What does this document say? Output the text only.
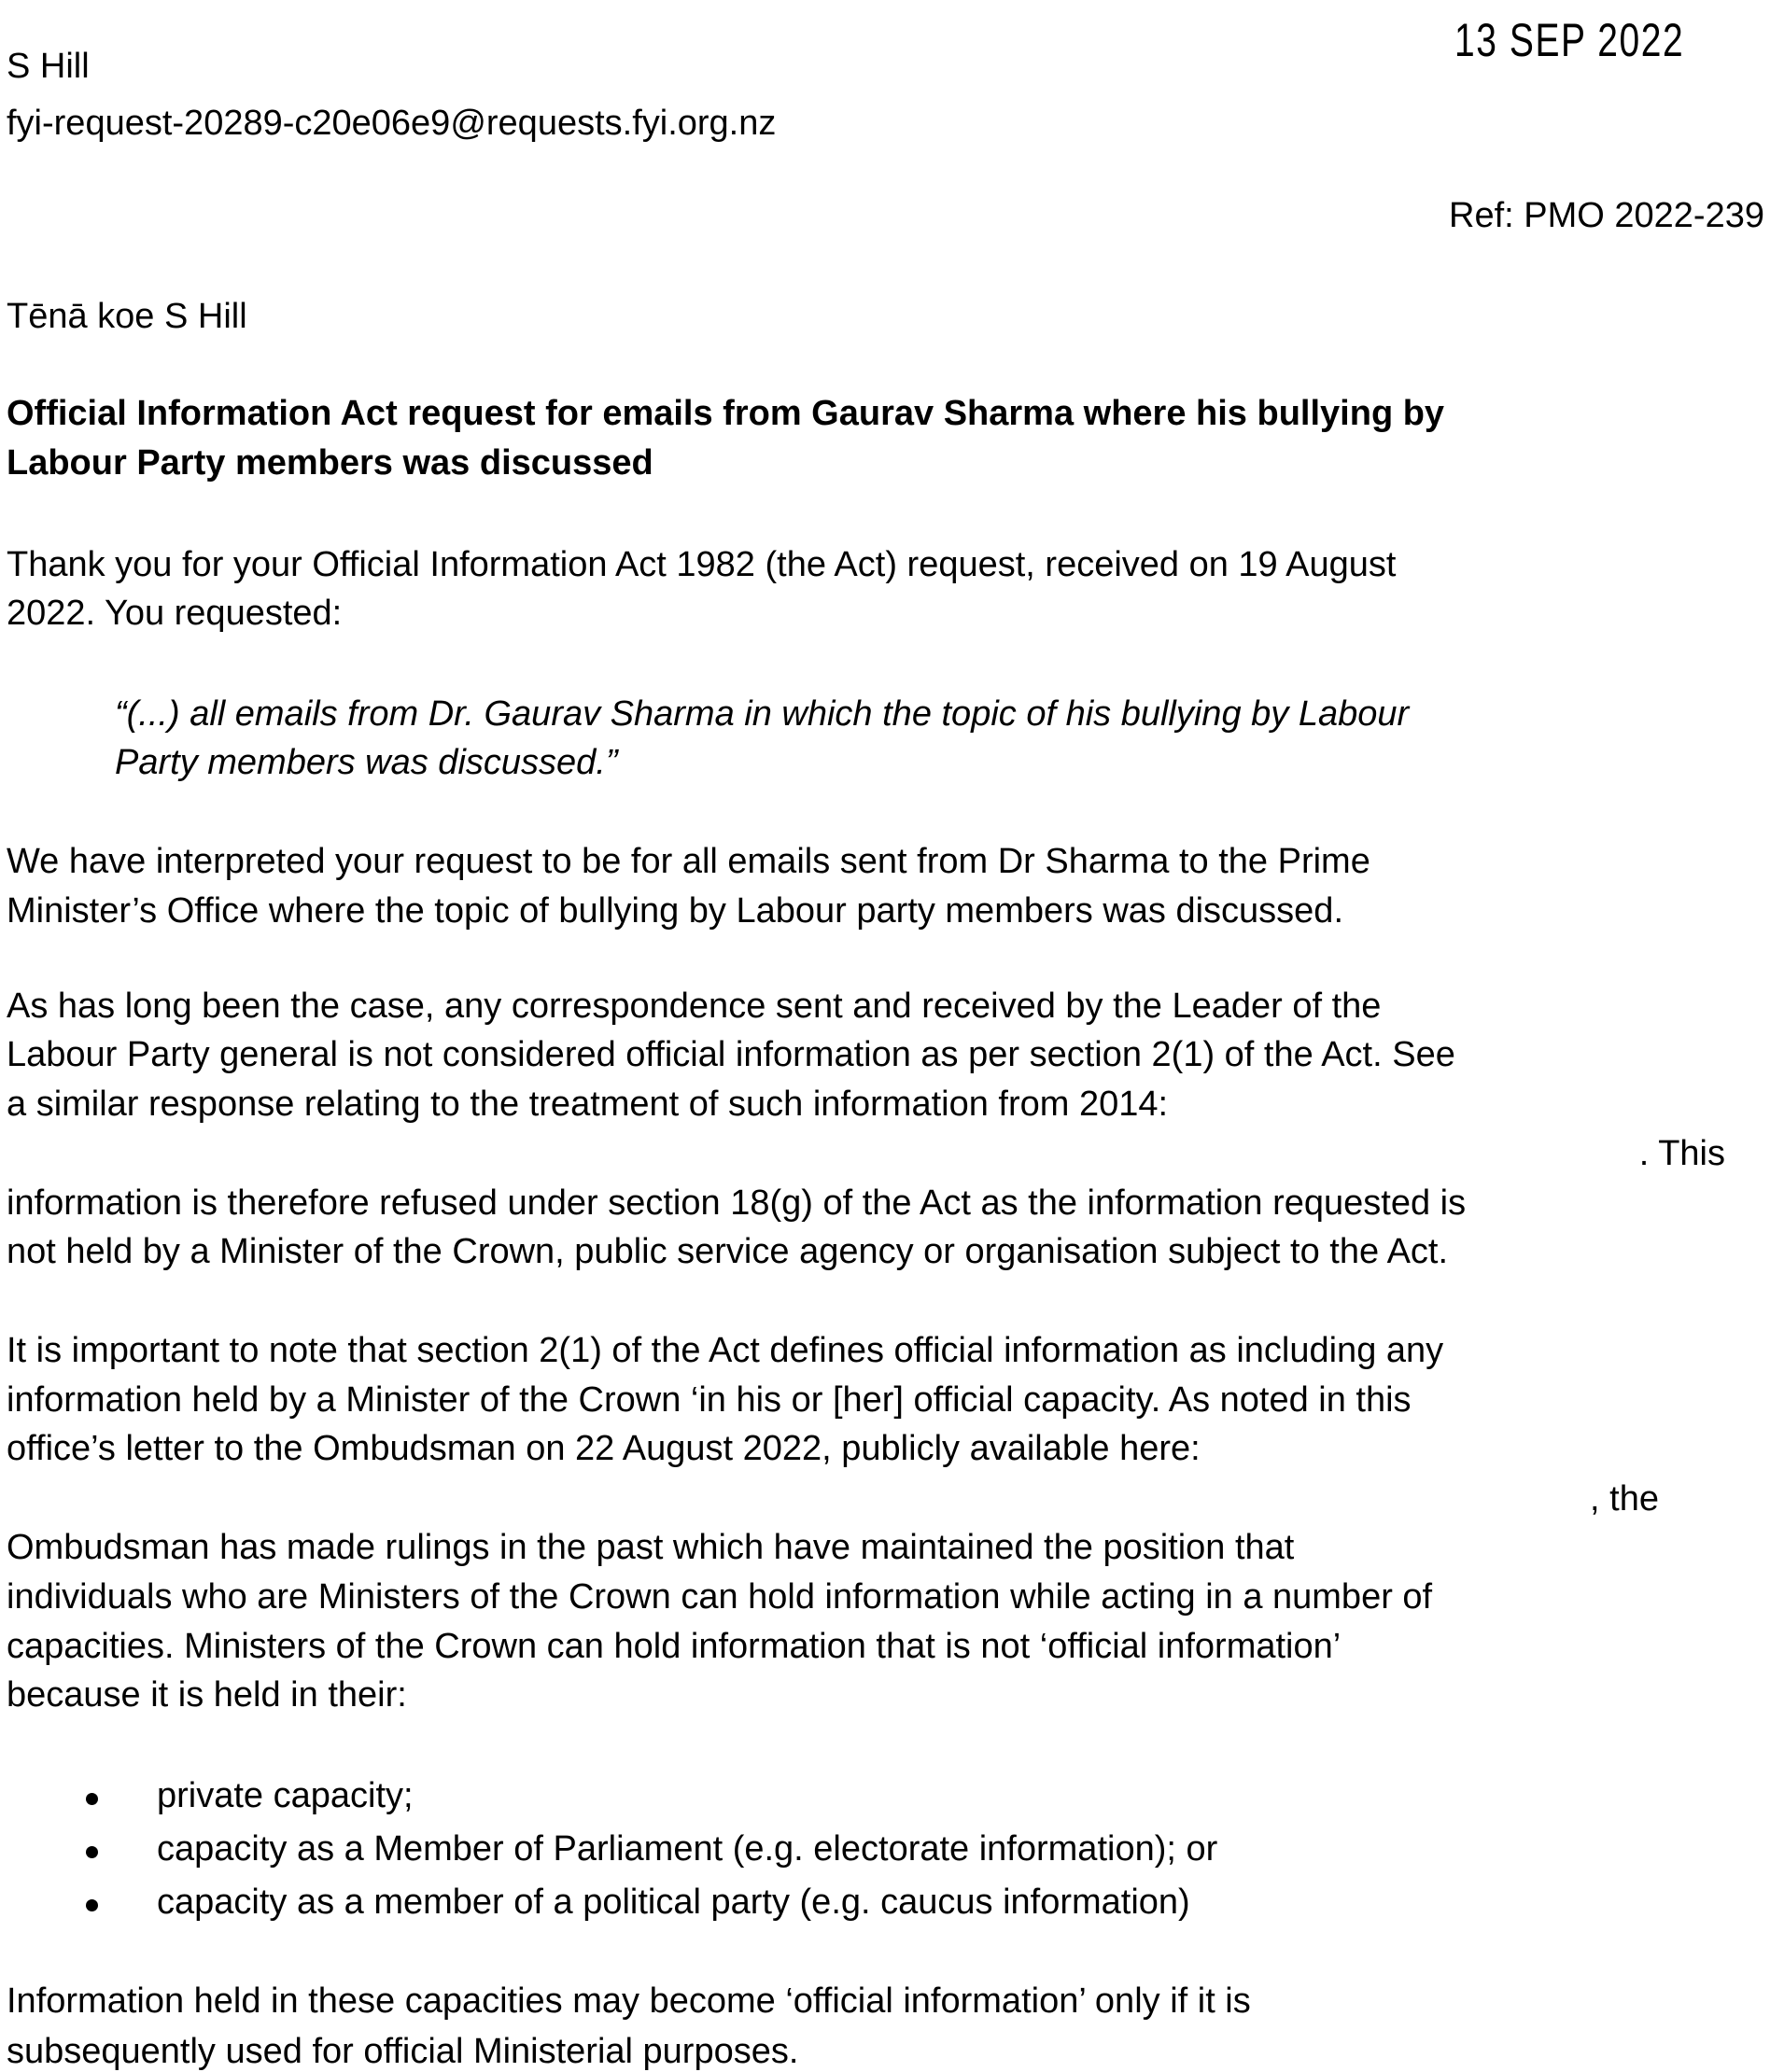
13 SEP 2022
S Hill
fyi-request-20289-c20e06e9@requests.fyi.org.nz
Ref: PMO 2022-239
Tēnā koe S Hill
Official Information Act request for emails from Gaurav Sharma where his bullying by
Labour Party members was discussed
Thank you for your Official Information Act 1982 (the Act) request, received on 19 August
2022. You requested:
“(...) all emails from Dr. Gaurav Sharma in which the topic of his bullying by Labour
Party members was discussed.”
We have interpreted your request to be for all emails sent from Dr Sharma to the Prime
Minister’s Office where the topic of bullying by Labour party members was discussed.
As has long been the case, any correspondence sent and received by the Leader of the
Labour Party general is not considered official information as per section 2(1) of the Act. See
a similar response relating to the treatment of such information from 2014:
. This
information is therefore refused under section 18(g) of the Act as the information requested is
not held by a Minister of the Crown, public service agency or organisation subject to the Act.
It is important to note that section 2(1) of the Act defines official information as including any
information held by a Minister of the Crown ‘in his or [her] official capacity. As noted in this
office’s letter to the Ombudsman on 22 August 2022, publicly available here:
, the
Ombudsman has made rulings in the past which have maintained the position that
individuals who are Ministers of the Crown can hold information while acting in a number of
capacities. Ministers of the Crown can hold information that is not ‘official information’
because it is held in their:
private capacity;
capacity as a Member of Parliament (e.g. electorate information); or
capacity as a member of a political party (e.g. caucus information)
Information held in these capacities may become ‘official information’ only if it is
subsequently used for official Ministerial purposes.
